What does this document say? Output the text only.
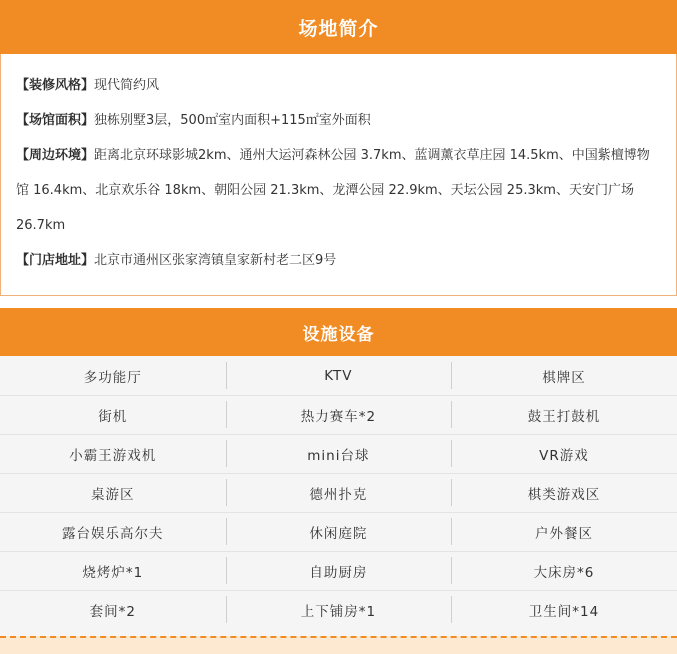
场地简介

【装修风格】现代简约风

【场馆面积】独栋别墅3层，500㎡室内面积+115㎡室外面积

【周边环境】距离北京环球影城2km、通州大运河森林公园 3.7km、蓝调薰衣草庄园 14.5km、中国紫檀博物馆 16.4km、北京欢乐谷 18km、朝阳公园 21.3km、龙潭公园 22.9km、天坛公园 25.3km、天安门广场 26.7km

【门店地址】北京市通州区张家湾镇皇家新村老二区9号

设施设备
多功能厅	KTV	棋牌区
街机	热力赛车*2	鼓王打鼓机
小霸王游戏机	mini台球	VR游戏
桌游区	德州扑克	棋类游戏区
露台娱乐高尔夫	休闲庭院	户外餐区
烧烤炉*1	自助厨房	大床房*6
套间*2	上下铺房*1	卫生间*14
